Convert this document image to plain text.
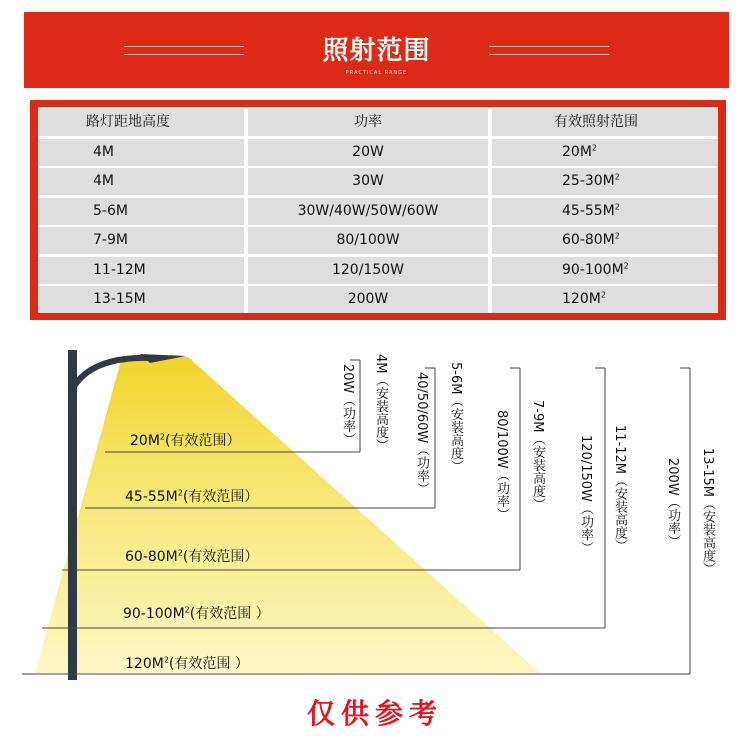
照射范围
PRACTICAL RANGE
路灯距地高度	功率	有效照射范围
4M	20W	$20M^2$
4M	30W	$25-30M^2$
5-6M	30W/40W/50W/60W	$45-55M^2$
7-9M	80/100W	$60-80M^2$
11-12M	120/150W	$90-100M^2$
13-15M	200W	$120M^2$
$20M^2$(有效范围）
$45-55M^2$(有效范围）
$60-80M^2$(有效范围）
$90-100M^2$(有效范围 ）
$120M^2$(有效范围 ）
4M（安装高度）
20W（功率）	5-6M（安装高度）
40/50/60W（功率）	7-9M（安装高度）
80/100W（功率）	11-12M（安装高度）
120/150W（功率）	13-15M（安装高度）
200W（功率）
仅供参考
